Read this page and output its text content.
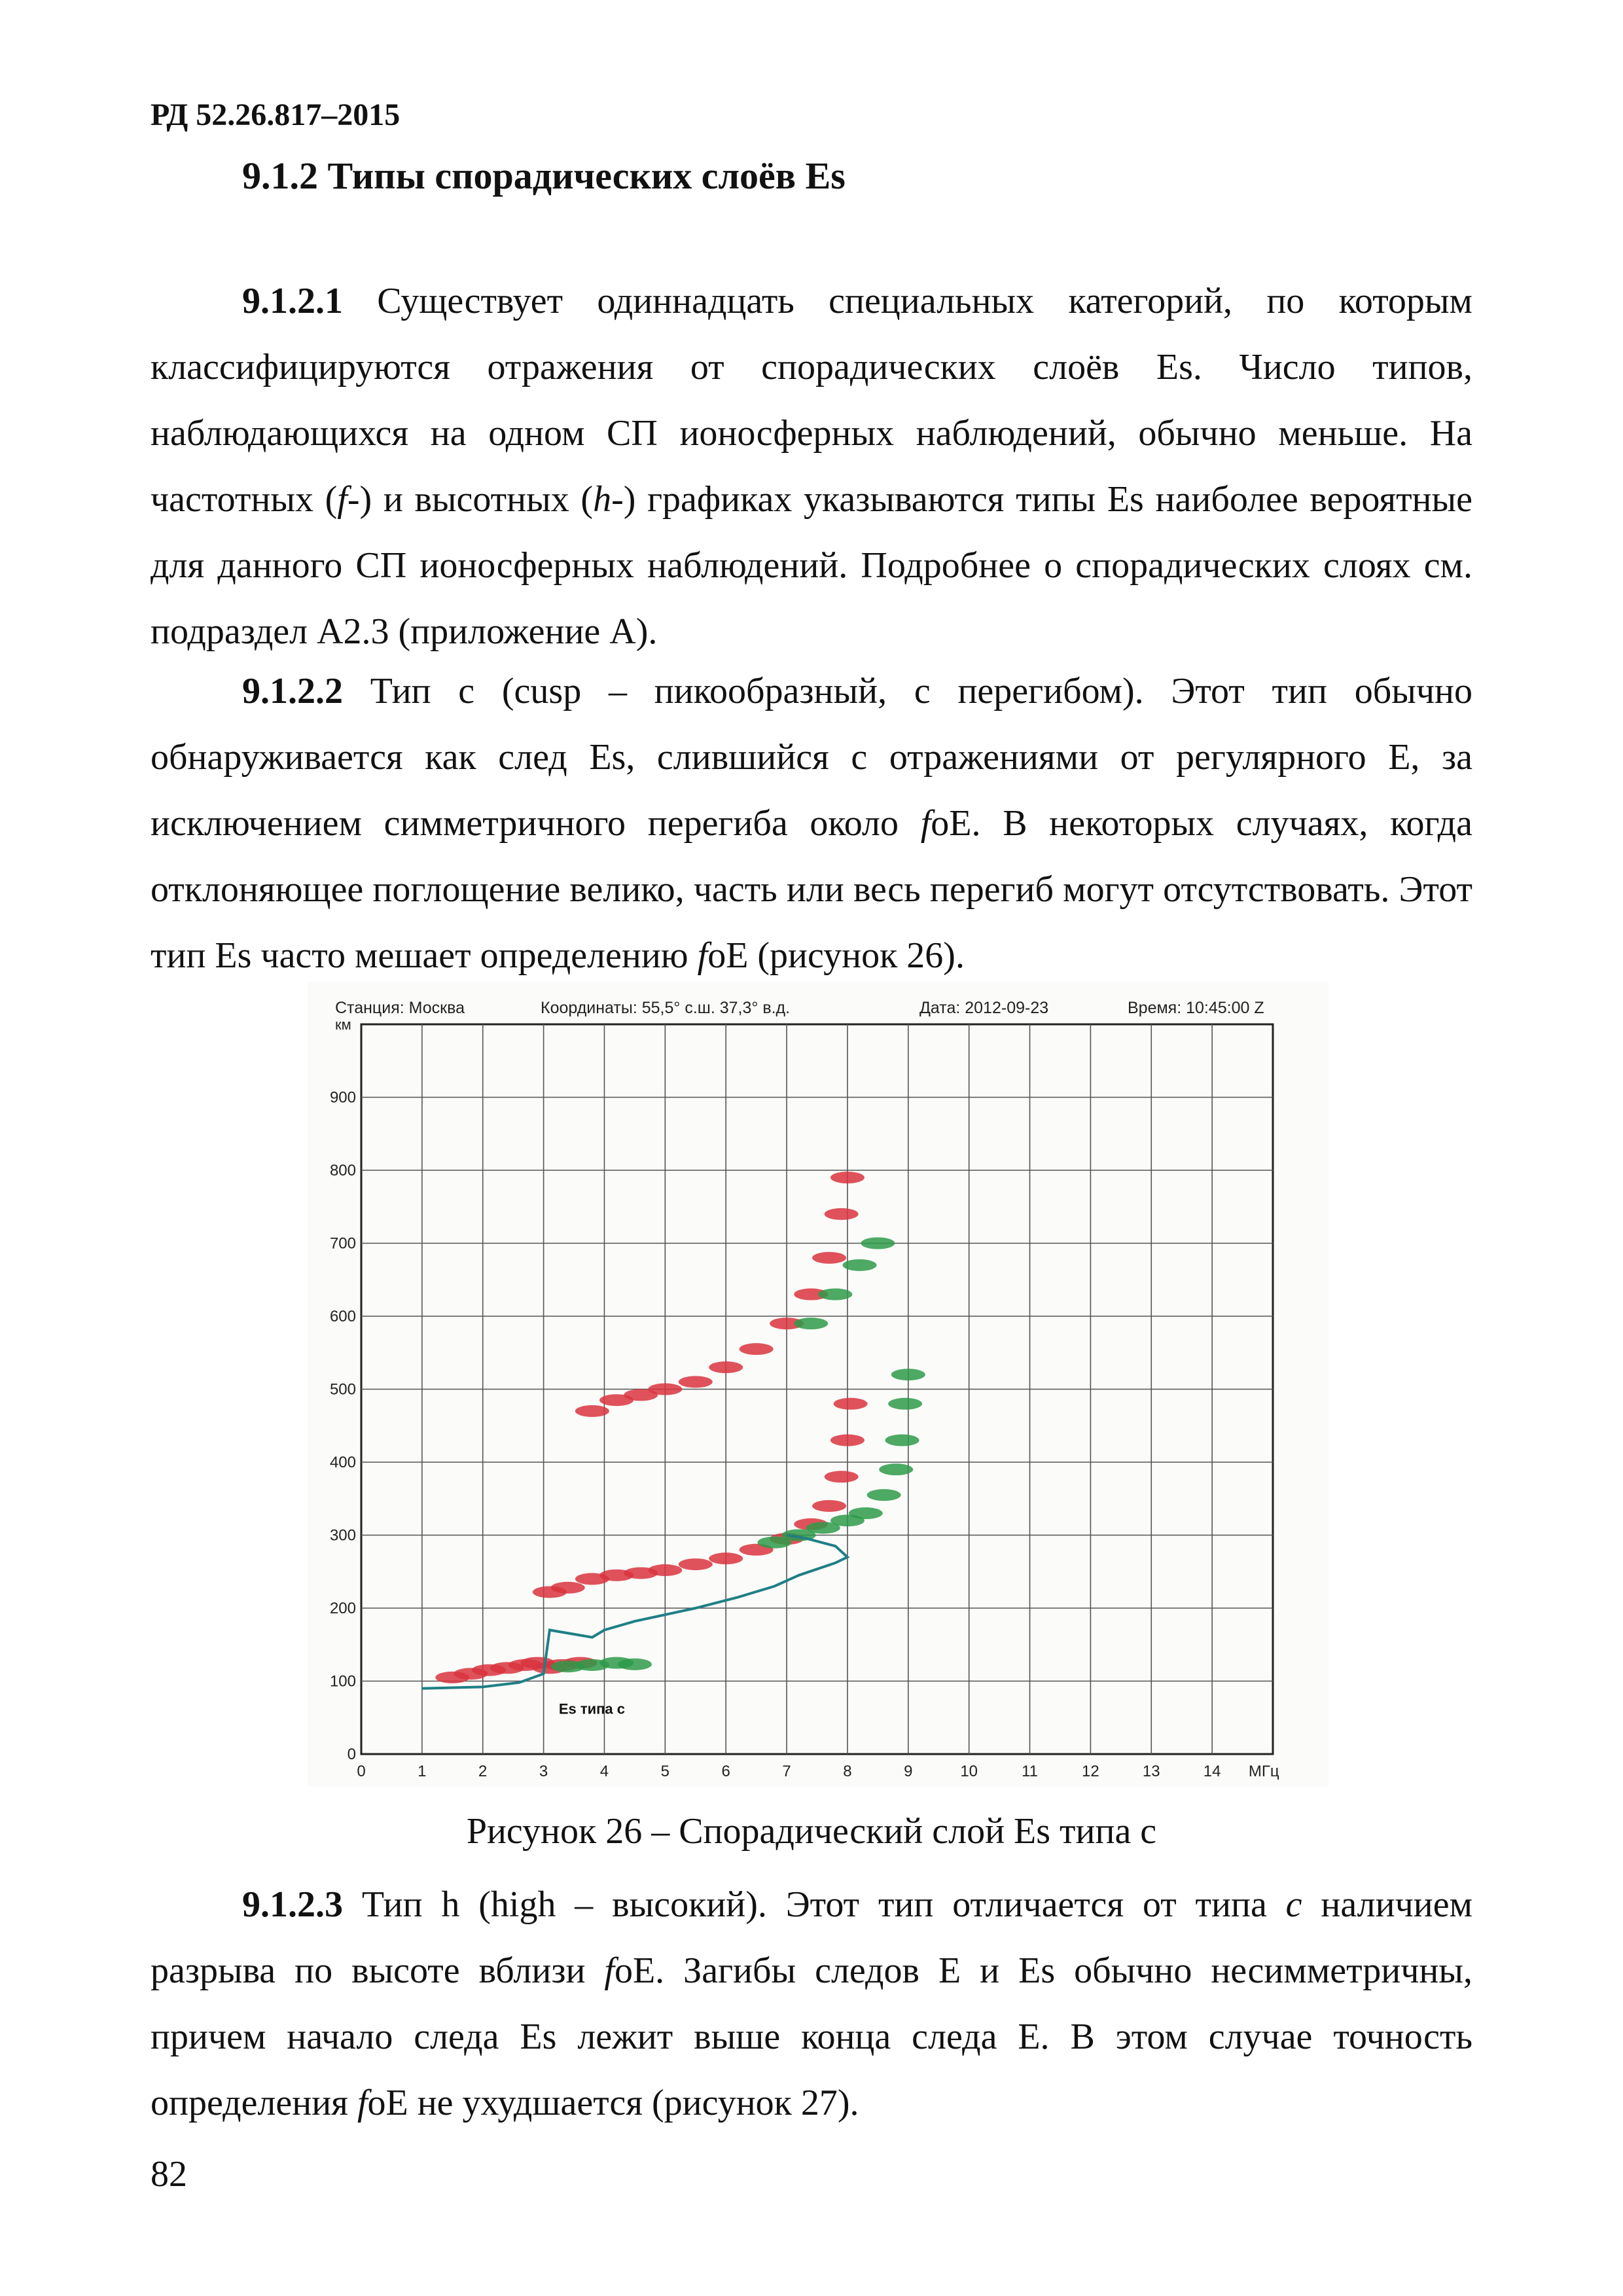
РД 52.26.817–2015
9.1.2 Типы спорадических слоёв Es

9.1.2.1 Существует одиннадцать специальных категорий, по которым классифицируются отражения от спорадических слоёв Es. Число типов, наблюдающихся на одном СП ионосферных наблюдений, обычно меньше. На частотных (f-) и высотных (h-) графиках указываются типы Es наиболее вероятные для данного СП ионосферных наблюдений. Подробнее о спорадических слоях см. подраздел А2.3 (приложение А).

9.1.2.2 Тип c (cusp – пикообразный, с перегибом). Этот тип обычно обнаруживается как след Es, слившийся с отражениями от регулярного E, за исключением симметричного перегиба около foE. В некоторых случаях, когда отклоняющее поглощение велико, часть или весь перегиб могут отсутствовать. Этот тип Es часто мешает определению foE (рисунок 26).

Станция: Москва	Координаты: 55,5° с.ш. 37,3° в.д.	Дата: 2012-09-23	Время: 10:45:00 Z
км
0	1	2	3	4	5	6	7	8	9	10	11	12	13	14
0
100
200
300
400
500
600
700
800
900
МГц
Es типа c
Рисунок 26 – Спорадический слой Es типа c

9.1.2.3 Тип h (high – высокий). Этот тип отличается от типа c наличием разрыва по высоте вблизи foE. Загибы следов E и Es обычно несимметричны, причем начало следа Es лежит выше конца следа E. В этом случае точность определения foE не ухудшается (рисунок 27).

82
